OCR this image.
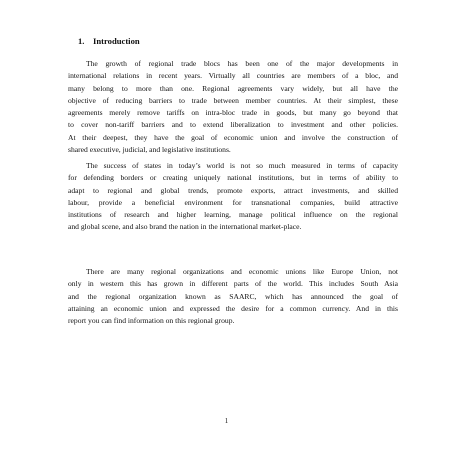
1. Introduction
The growth of regional trade blocs has been one of the major developments in
international relations in recent years. Virtually all countries are members of a bloc, and
many belong to more than one. Regional agreements vary widely, but all have the
objective of reducing barriers to trade between member countries. At their simplest, these
agreements merely remove tariffs on intra-bloc trade in goods, but many go beyond that
to cover non-tariff barriers and to extend liberalization to investment and other policies.
At their deepest, they have the goal of economic union and involve the construction of
shared executive, judicial, and legislative institutions.
The success of states in today’s world is not so much measured in terms of capacity
for defending borders or creating uniquely national institutions, but in terms of ability to
adapt to regional and global trends, promote exports, attract investments, and skilled
labour, provide a beneficial environment for transnational companies, build attractive
institutions of research and higher learning, manage political influence on the regional
and global scene, and also brand the nation in the international market-place.
There are many regional organizations and economic unions like Europe Union, not
only in western this has grown in different parts of the world. This includes South Asia
and the regional organization known as SAARC, which has announced the goal of
attaining an economic union and expressed the desire for a common currency. And in this
report you can find information on this regional group.
1
